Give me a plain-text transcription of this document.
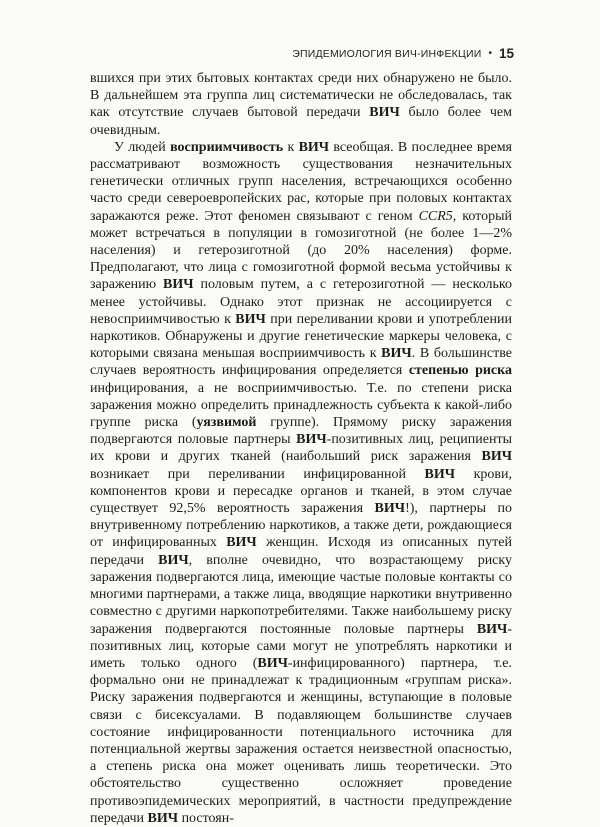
ЭПИДЕМИОЛОГИЯ ВИЧ-ИНФЕКЦИИ • 15

вшихся при этих бытовых контактах среди них обнаружено не было. В дальнейшем эта группа лиц систематически не обследовалась, так как отсутствие случаев бытовой передачи ВИЧ было более чем очевидным.

У людей восприимчивость к ВИЧ всеобщая. В последнее время рассматривают возможность существования незначительных генетически отличных групп населения, встречающихся особенно часто среди североевропейских рас, которые при половых контактах заражаются реже. Этот феномен связывают с геном CCR5, который может встречаться в популяции в гомозиготной (не более 1—2% населения) и гетерозиготной (до 20% населения) форме. Предполагают, что лица с гомозиготной формой весьма устойчивы к заражению ВИЧ половым путем, а с гетерозиготной — несколько менее устойчивы. Однако этот признак не ассоциируется с невосприимчивостью к ВИЧ при переливании крови и употреблении наркотиков. Обнаружены и другие генетические маркеры человека, с которыми связана меньшая восприимчивость к ВИЧ. В большинстве случаев вероятность инфицирования определяется степенью риска инфицирования, а не восприимчивостью. Т.е. по степени риска заражения можно определить принадлежность субъекта к какой-либо группе риска (уязвимой группе). Прямому риску заражения подвергаются половые партнеры ВИЧ-позитивных лиц, реципиенты их крови и других тканей (наибольший риск заражения ВИЧ возникает при переливании инфицированной ВИЧ крови, компонентов крови и пересадке органов и тканей, в этом случае существует 92,5% вероятность заражения ВИЧ!), партнеры по внутривенному потреблению наркотиков, а также дети, рождающиеся от инфицированных ВИЧ женщин. Исходя из описанных путей передачи ВИЧ, вполне очевидно, что возрастающему риску заражения подвергаются лица, имеющие частые половые контакты со многими партнерами, а также лица, вводящие наркотики внутривенно совместно с другими наркопотребителями. Также наибольшему риску заражения подвергаются постоянные половые партнеры ВИЧ-позитивных лиц, которые сами могут не употреблять наркотики и иметь только одного (ВИЧ-инфицированного) партнера, т.е. формально они не принадлежат к традиционным «группам риска». Риску заражения подвергаются и женщины, вступающие в половые связи с бисексуалами. В подавляющем большинстве случаев состояние инфицированности потенциального источника для потенциальной жертвы заражения остается неизвестной опасностью, а степень риска она может оценивать лишь теоретически. Это обстоятельство существенно осложняет проведение противоэпидемических мероприятий, в частности предупреждение передачи ВИЧ постоян-
